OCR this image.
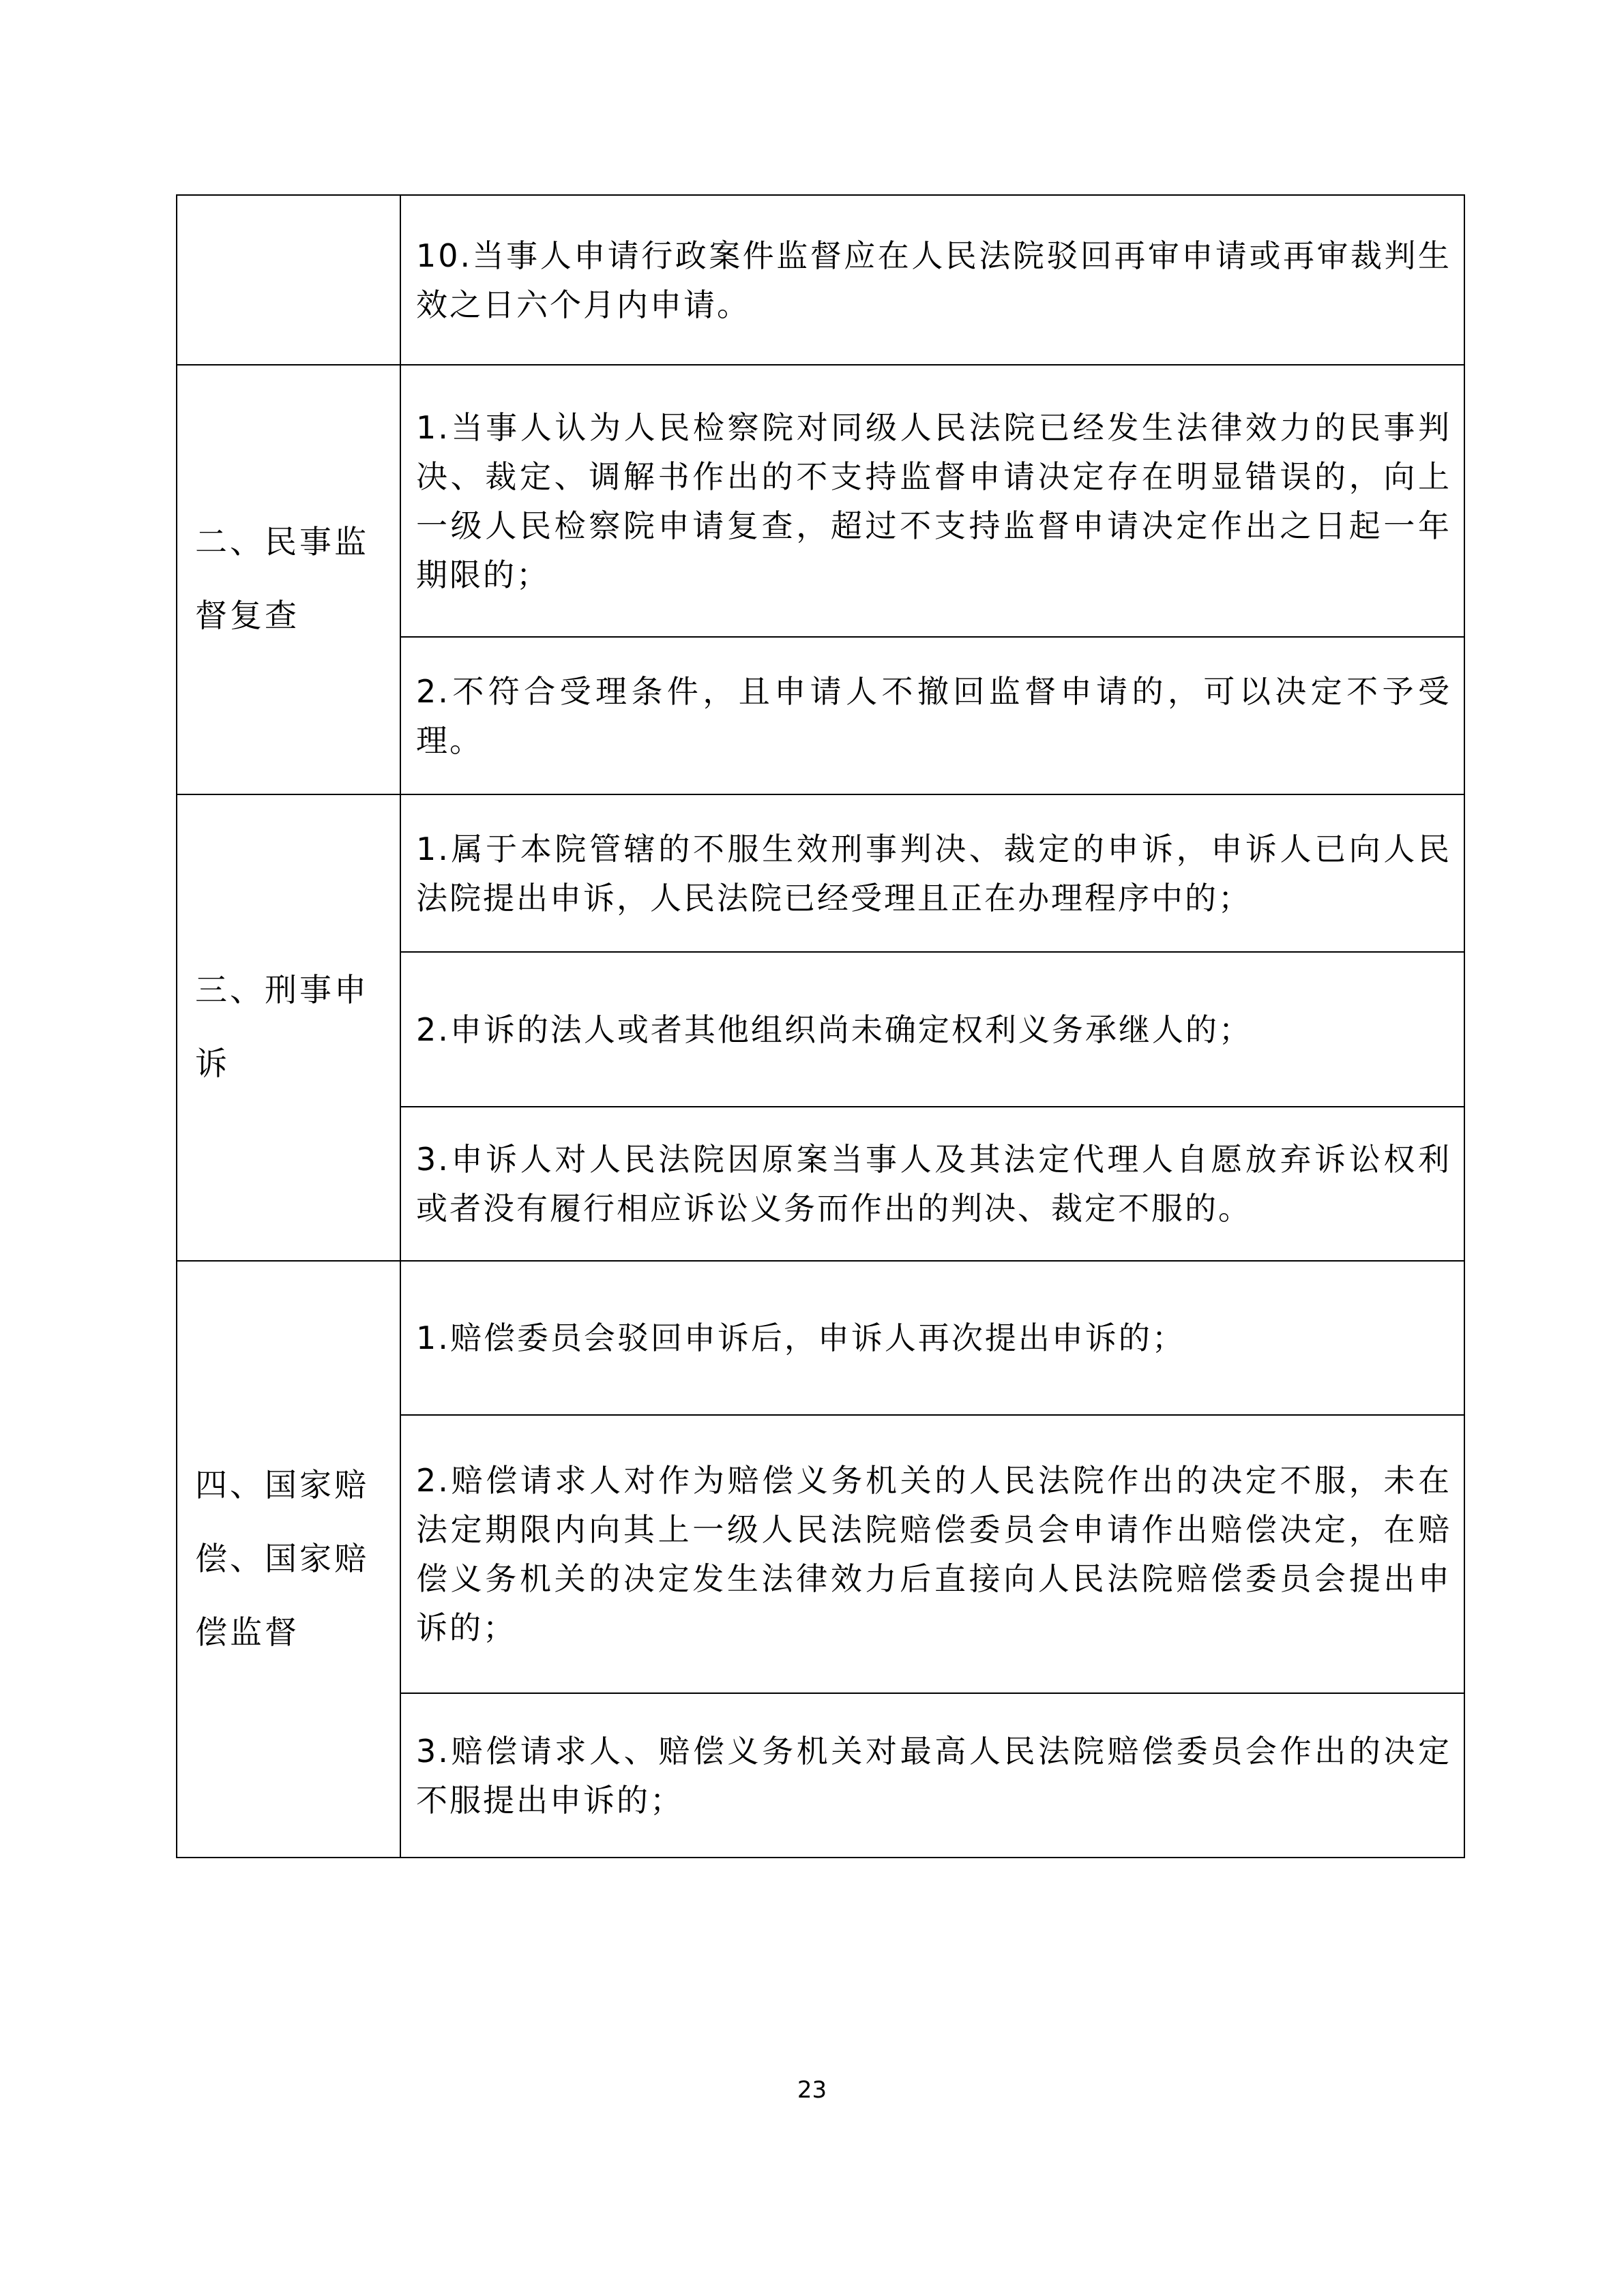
	10.当事人申请行政案件监督应在人民法院驳回再审申请或再审裁判生效之日六个月内申请。

二、民事监督复查	1.当事人认为人民检察院对同级人民法院已经发生法律效力的民事判决、裁定、调解书作出的不支持监督申请决定存在明显错误的，向上一级人民检察院申请复查，超过不支持监督申请决定作出之日起一年期限的；

	2.不符合受理条件，且申请人不撤回监督申请的，可以决定不予受理。

三、刑事申诉	1.属于本院管辖的不服生效刑事判决、裁定的申诉，申诉人已向人民法院提出申诉，人民法院已经受理且正在办理程序中的；

	2.申诉的法人或者其他组织尚未确定权利义务承继人的；

	3.申诉人对人民法院因原案当事人及其法定代理人自愿放弃诉讼权利或者没有履行相应诉讼义务而作出的判决、裁定不服的。

四、国家赔偿、国家赔偿监督	1.赔偿委员会驳回申诉后，申诉人再次提出申诉的；

	2.赔偿请求人对作为赔偿义务机关的人民法院作出的决定不服，未在法定期限内向其上一级人民法院赔偿委员会申请作出赔偿决定，在赔偿义务机关的决定发生法律效力后直接向人民法院赔偿委员会提出申诉的；

	3.赔偿请求人、赔偿义务机关对最高人民法院赔偿委员会作出的决定不服提出申诉的；
23
